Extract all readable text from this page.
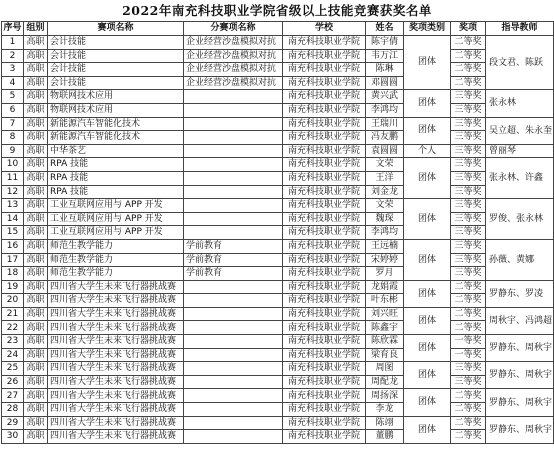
2022年南充科技职业学院省级以上技能竞赛获奖名单
序号	组别	赛项名称	分赛项名称	学校	姓名	奖项类别	奖项	指导教师
1	高职	会计技能	企业经营沙盘模拟对抗	南充科技职业学院	陈宇倩	团体	二等奖	段文君、陈跃
2	高职	会计技能	企业经营沙盘模拟对抗	南充科技职业学院	韦万江		二等奖	
3	高职	会计技能	企业经营沙盘模拟对抗	南充科技职业学院	陈琳		二等奖	
4	高职	会计技能	企业经营沙盘模拟对抗	南充科技职业学院	邓圆圆		二等奖	
5	高职	物联网技术应用		南充科技职业学院	黄兴武	团体	三等奖	张永林
6	高职	物联网技术应用		南充科技职业学院	李鸿均		三等奖	
7	高职	新能源汽车智能化技术		南充科技职业学院	王瑞川	团体	三等奖	吴立超、朱永奎
8	高职	新能源汽车智能化技术		南充科技职业学院	冯友鹏		三等奖	
9	高职	中华茶艺		南充科技职业学院	袁圆圆	个人	三等奖	曾丽琴
10	高职	RPA 技能		南充科技职业学院	文荣	团体	三等奖	张永林、许鑫
11	高职	RPA 技能		南充科技职业学院	王洋		三等奖	
12	高职	RPA 技能		南充科技职业学院	刘金龙		三等奖	
13	高职	工业互联网应用与 APP 开发		南充科技职业学院	文荣	团体	三等奖	罗俊、张永林
14	高职	工业互联网应用与 APP 开发		南充科技职业学院	魏琛		三等奖	
15	高职	工业互联网应用与 APP 开发		南充科技职业学院	李鸿均		三等奖	
16	高职	师范生教学能力	学前教育	南充科技职业学院	王远楠	团体	三等奖	孙薇、黄娜
17	高职	师范生教学能力	学前教育	南充科技职业学院	宋婷婷		三等奖	
18	高职	师范生教学能力	学前教育	南充科技职业学院	罗月		三等奖	
19	高职	四川省大学生未来飞行器挑战赛		南充科技职业学院	龙娟霞	团体	二等奖	罗静东、罗凌
20	高职	四川省大学生未来飞行器挑战赛		南充科技职业学院	叶东彬		二等奖	
21	高职	四川省大学生未来飞行器挑战赛		南充科技职业学院	刘兴旺	团体	二等奖	周秋宇、冯鸿超
22	高职	四川省大学生未来飞行器挑战赛		南充科技职业学院	陈鑫宇		二等奖	
23	高职	四川省大学生未来飞行器挑战赛		南充科技职业学院	陈欣霖	团体	一等奖	罗静东、周秋宇
24	高职	四川省大学生未来飞行器挑战赛		南充科技职业学院	梁育良		一等奖	
25	高职	四川省大学生未来飞行器挑战赛		南充科技职业学院	周图	团体	三等奖	罗静东、周秋宇
26	高职	四川省大学生未来飞行器挑战赛		南充科技职业学院	周配龙		三等奖	
27	高职	四川省大学生未来飞行器挑战赛		南充科技职业学院	周扬深	团体	二等奖	罗静东、周秋宇
28	高职	四川省大学生未来飞行器挑战赛		南充科技职业学院	李龙		二等奖	
29	高职	四川省大学生未来飞行器挑战赛		南充科技职业学院	陈翊	团体	二等奖	罗静东、周秋宇
30	高职	四川省大学生未来飞行器挑战赛		南充科技职业学院	董鹏		二等奖	
